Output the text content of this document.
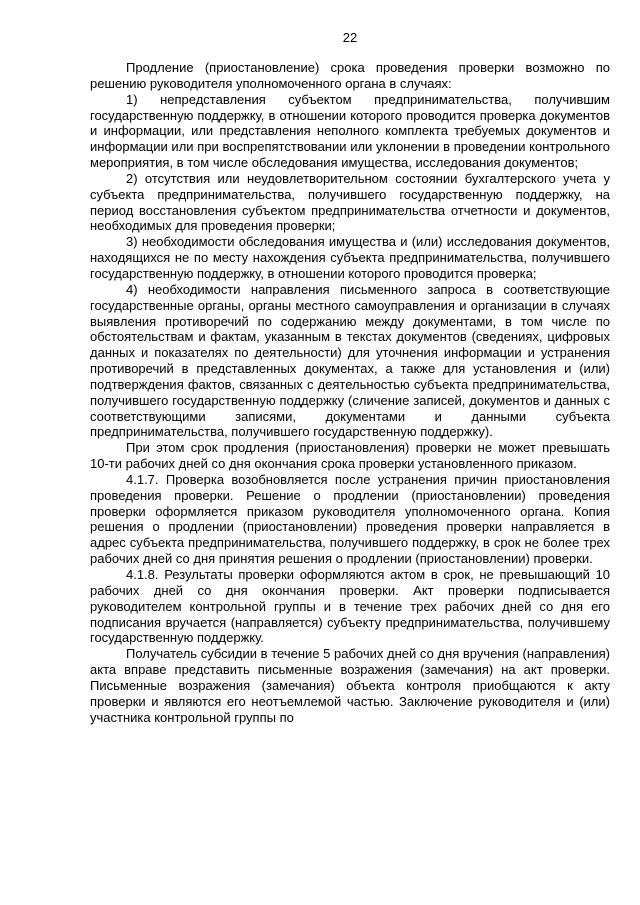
22

Продление (приостановление) срока проведения проверки возможно по решению руководителя уполномоченного органа в случаях:

1) непредставления субъектом предпринимательства, получившим государственную поддержку, в отношении которого проводится проверка документов и информации, или представления неполного комплекта требуемых документов и информации или при воспрепятствовании или уклонении в проведении контрольного мероприятия, в том числе обследования имущества, исследования документов;

2) отсутствия или неудовлетворительном состоянии бухгалтерского учета у субъекта предпринимательства, получившего государственную поддержку, на период восстановления субъектом предпринимательства отчетности и документов, необходимых для проведения проверки;

3) необходимости обследования имущества и (или) исследования документов, находящихся не по месту нахождения субъекта предпринимательства, получившего государственную поддержку, в отношении которого проводится проверка;

4) необходимости направления письменного запроса в соответствующие государственные органы, органы местного самоуправления и организации в случаях выявления противоречий по содержанию между документами, в том числе по обстоятельствам и фактам, указанным в текстах документов (сведениях, цифровых данных и показателях по деятельности) для уточнения информации и устранения противоречий в представленных документах, а также для установления и (или) подтверждения фактов, связанных с деятельностью субъекта предпринимательства, получившего государственную поддержку (сличение записей, документов и данных с соответствующими записями, документами и данными субъекта предпринимательства, получившего государственную поддержку).

При этом срок продления (приостановления) проверки не может превышать 10-ти рабочих дней со дня окончания срока проверки установленного приказом.

4.1.7. Проверка возобновляется после устранения причин приостановления проведения проверки. Решение о продлении (приостановлении) проведения проверки оформляется приказом руководителя уполномоченного органа. Копия решения о продлении (приостановлении) проведения проверки направляется в адрес субъекта предпринимательства, получившего поддержку, в срок не более трех рабочих дней со дня принятия решения о продлении (приостановлении) проверки.

4.1.8. Результаты проверки оформляются актом в срок, не превышающий 10 рабочих дней со дня окончания проверки. Акт проверки подписывается руководителем контрольной группы и в течение трех рабочих дней со дня его подписания вручается (направляется) субъекту предпринимательства, получившему государственную поддержку.

Получатель субсидии в течение 5 рабочих дней со дня вручения (направления) акта вправе представить письменные возражения (замечания) на акт проверки. Письменные возражения (замечания) объекта контроля приобщаются к акту проверки и являются его неотъемлемой частью. Заключение руководителя и (или) участника контрольной группы по
